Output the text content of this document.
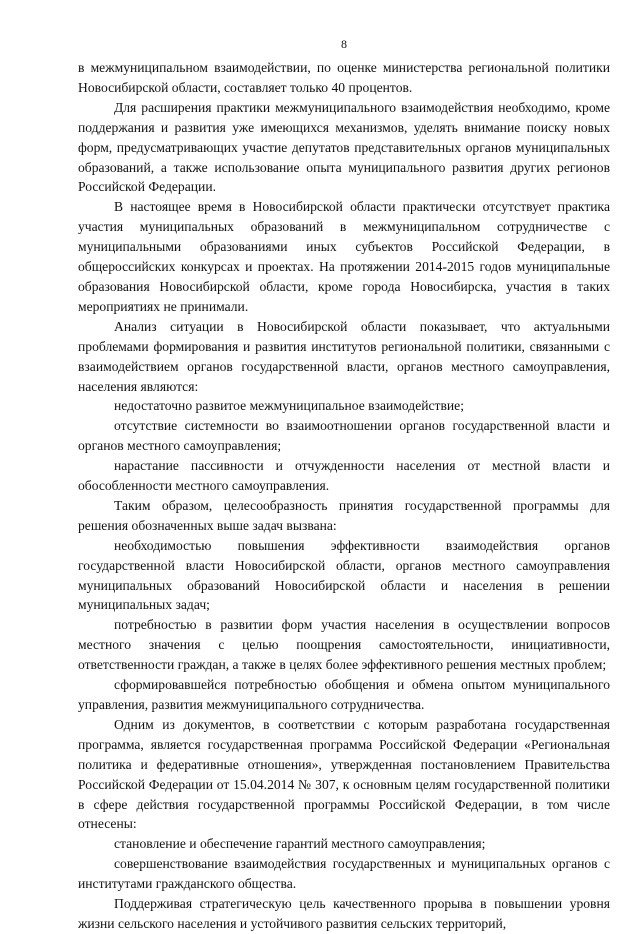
8

в межмуниципальном взаимодействии, по оценке министерства региональной политики Новосибирской области, составляет только 40 процентов.

Для расширения практики межмуниципального взаимодействия необходимо, кроме поддержания и развития уже имеющихся механизмов, уделять внимание поиску новых форм, предусматривающих участие депутатов представительных органов муниципальных образований, а также использование опыта муниципального развития других регионов Российской Федерации.

В настоящее время в Новосибирской области практически отсутствует практика участия муниципальных образований в межмуниципальном сотрудничестве с муниципальными образованиями иных субъектов Российской Федерации, в общероссийских конкурсах и проектах. На протяжении 2014-2015 годов муниципальные образования Новосибирской области, кроме города Новосибирска, участия в таких мероприятиях не принимали.

Анализ ситуации в Новосибирской области показывает, что актуальными проблемами формирования и развития институтов региональной политики, связанными с взаимодействием органов государственной власти, органов местного самоуправления, населения являются:

недостаточно развитое межмуниципальное взаимодействие;

отсутствие системности во взаимоотношении органов государственной власти и органов местного самоуправления;

нарастание пассивности и отчужденности населения от местной власти и обособленности местного самоуправления.

Таким образом, целесообразность принятия государственной программы для решения обозначенных выше задач вызвана:

необходимостью повышения эффективности взаимодействия органов государственной власти Новосибирской области, органов местного самоуправления муниципальных образований Новосибирской области и населения в решении муниципальных задач;

потребностью в развитии форм участия населения в осуществлении вопросов местного значения с целью поощрения самостоятельности, инициативности, ответственности граждан, а также в целях более эффективного решения местных проблем;

сформировавшейся потребностью обобщения и обмена опытом муниципального управления, развития межмуниципального сотрудничества.

Одним из документов, в соответствии с которым разработана государственная программа, является государственная программа Российской Федерации «Региональная политика и федеративные отношения», утвержденная постановлением Правительства Российской Федерации от 15.04.2014 № 307, к основным целям государственной политики в сфере действия государственной программы Российской Федерации, в том числе отнесены:

становление и обеспечение гарантий местного самоуправления;

совершенствование взаимодействия государственных и муниципальных органов с институтами гражданского общества.

Поддерживая стратегическую цель качественного прорыва в повышении уровня жизни сельского населения и устойчивого развития сельских территорий,
